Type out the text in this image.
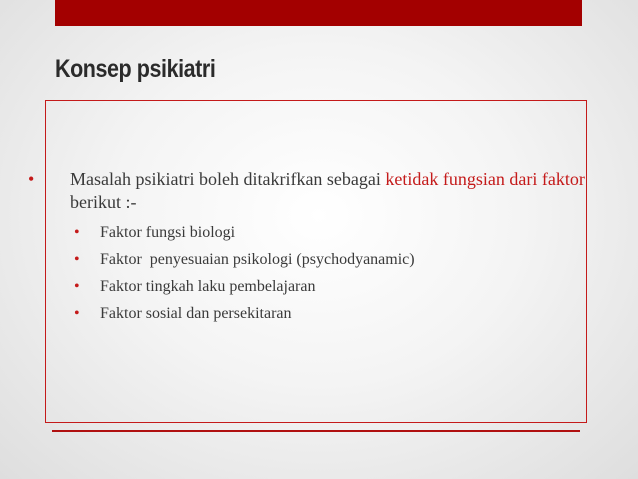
Konsep psikiatri
• Masalah psikiatri boleh ditakrifkan sebagai ketidak fungsian dari faktor berikut :-
• Faktor fungsi biologi
• Faktor  penyesuaian psikologi (psychodyanamic)
• Faktor tingkah laku pembelajaran
• Faktor sosial dan persekitaran
